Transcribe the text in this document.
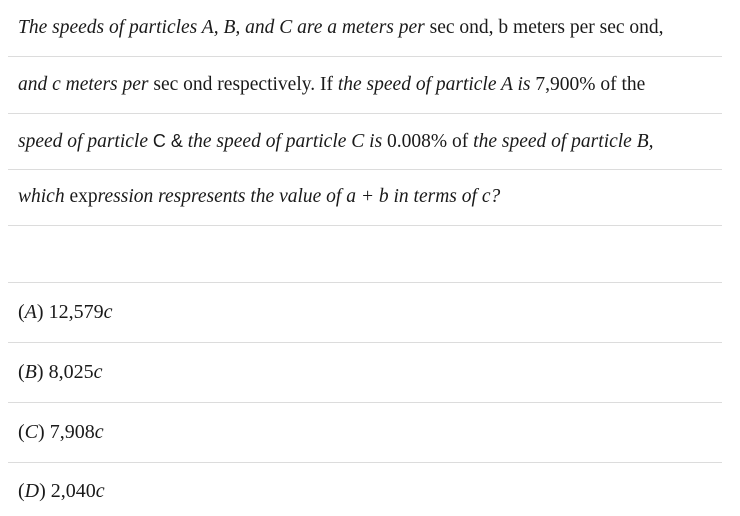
The speeds of particles A, B, and C are a meters per sec ond, b meters per sec ond,
and c meters per sec ond respectively. If the speed of particle A is 7,900% of the
speed of particle C & the speed of particle C is 0.008% of the speed of particle B,
which expression respresents the value of a + b in terms of c?
(A) 12,579c
(B) 8,025c
(C) 7,908c
(D) 2,040c
